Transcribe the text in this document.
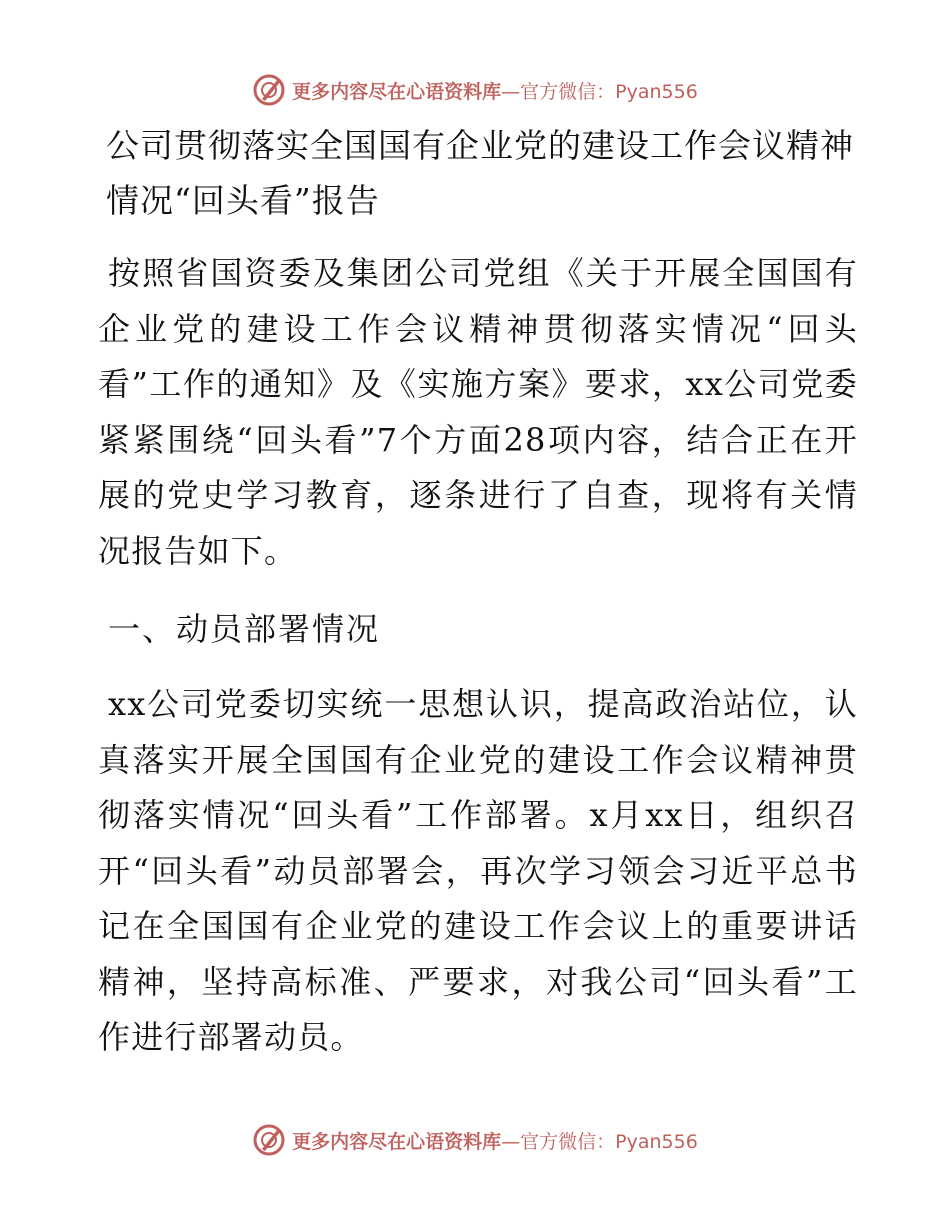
更多内容尽在心语资料库—官方微信：Pyan556
公司贯彻落实全国国有企业党的建设工作会议精神情况“回头看”报告

按照省国资委及集团公司党组《关于开展全国国有企业党的建设工作会议精神贯彻落实情况“回头看”工作的通知》及《实施方案》要求，xx公司党委紧紧围绕“回头看”7个方面28项内容，结合正在开展的党史学习教育，逐条进行了自查，现将有关情况报告如下。

一、动员部署情况

xx公司党委切实统一思想认识，提高政治站位，认真落实开展全国国有企业党的建设工作会议精神贯彻落实情况“回头看”工作部署。x月xx日，组织召开“回头看”动员部署会，再次学习领会习近平总书记在全国国有企业党的建设工作会议上的重要讲话精神，坚持高标准、严要求，对我公司“回头看”工作进行部署动员。

更多内容尽在心语资料库—官方微信：Pyan556
